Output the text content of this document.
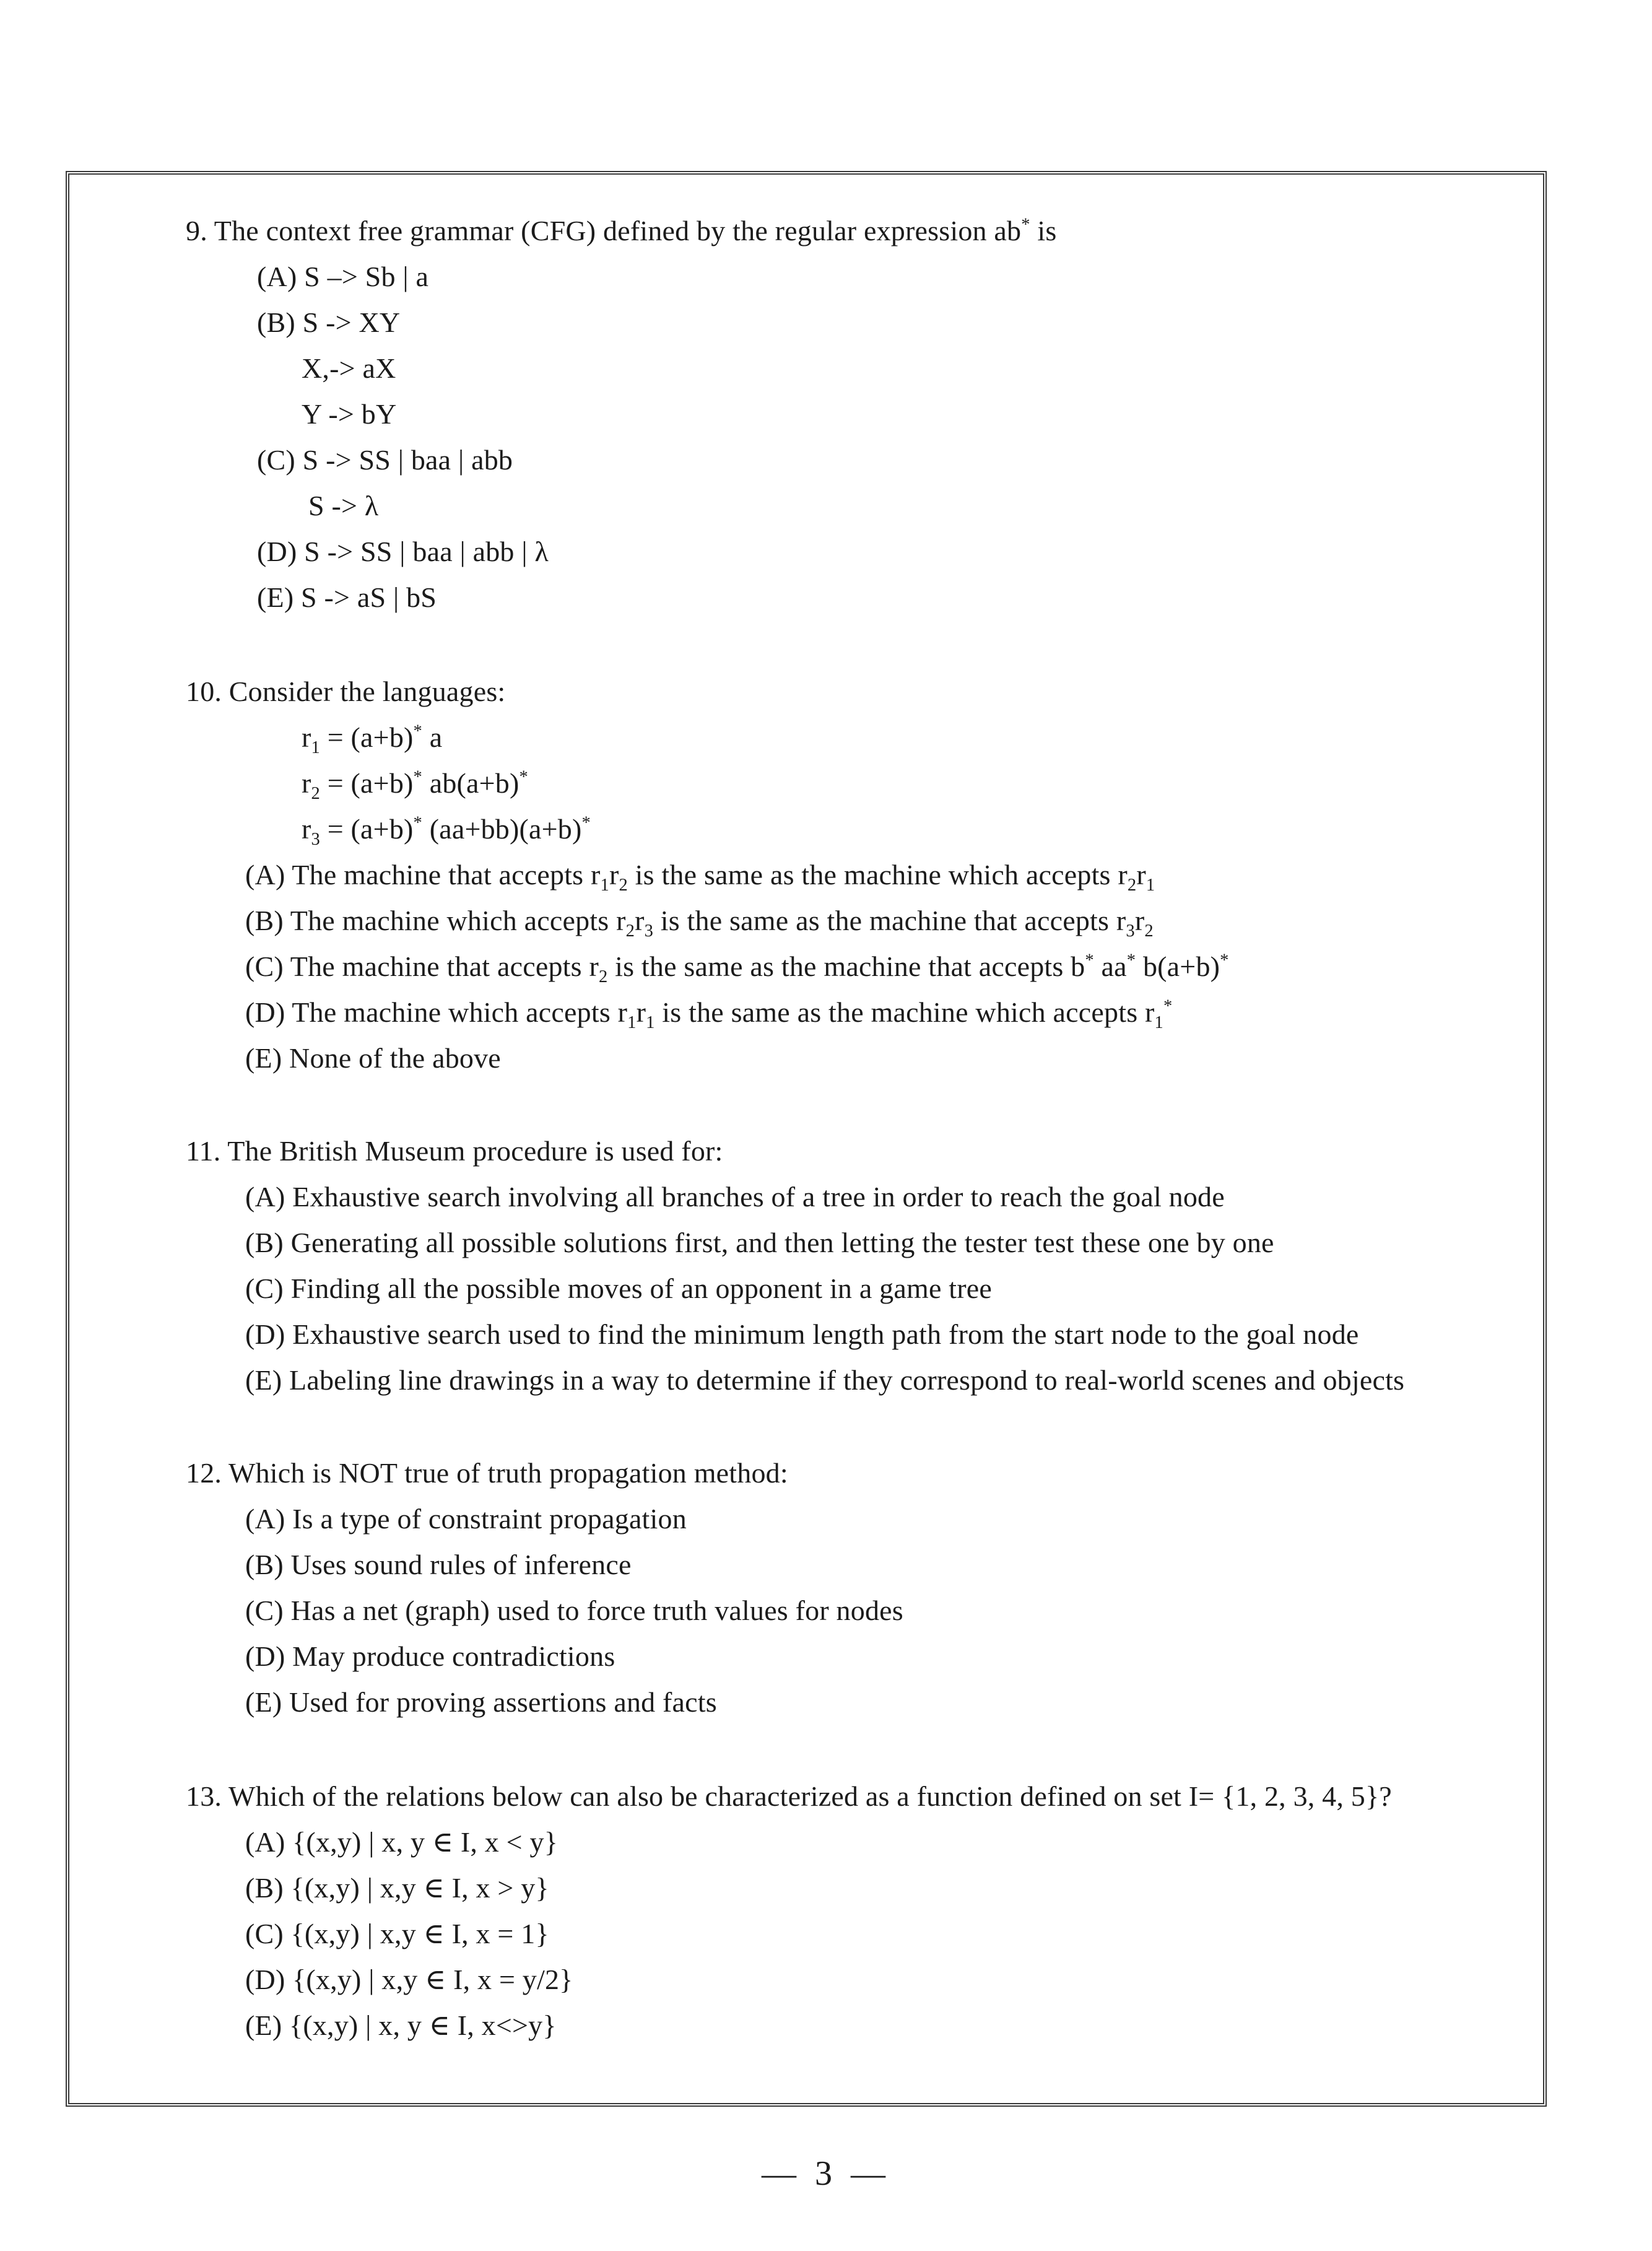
9. The context free grammar (CFG) defined by the regular expression ab* is
(A) S –> Sb | a
(B) S -> XY
X,-> aX
Y -> bY
(C) S -> SS | baa | abb
S -> λ
(D) S -> SS | baa | abb | λ
(E) S -> aS | bS
10. Consider the languages:
$r_1 = (a+b)^*$ a
$r_2 = (a+b)^*$ ab(a+b)*
$r_3 = (a+b)^*$ (aa+bb)(a+b)*
(A) The machine that accepts $r_1r_2$ is the same as the machine which accepts $r_2r_1$
(B) The machine which accepts $r_2r_3$ is the same as the machine that accepts $r_3r_2$
(C) The machine that accepts $r_2$ is the same as the machine that accepts b* aa* b(a+b)*
(D) The machine which accepts $r_1r_1$ is the same as the machine which accepts $r_1^*$
(E) None of the above
11. The British Museum procedure is used for:
(A) Exhaustive search involving all branches of a tree in order to reach the goal node
(B) Generating all possible solutions first, and then letting the tester test these one by one
(C) Finding all the possible moves of an opponent in a game tree
(D) Exhaustive search used to find the minimum length path from the start node to the goal node
(E) Labeling line drawings in a way to determine if they correspond to real-world scenes and objects
12. Which is NOT true of truth propagation method:
(A) Is a type of constraint propagation
(B) Uses sound rules of inference
(C) Has a net (graph) used to force truth values for nodes
(D) May produce contradictions
(E) Used for proving assertions and facts
13. Which of the relations below can also be characterized as a function defined on set I= {1, 2, 3, 4, 5}?
(A) {(x,y) | x, y ∈ I, x < y}
(B) {(x,y) | x,y ∈ I, x > y}
(C) {(x,y) | x,y ∈ I, x = 1}
(D) {(x,y) | x,y ∈ I, x = y/2}
(E) {(x,y) | x, y ∈ I, x<>y}
— 3 —
